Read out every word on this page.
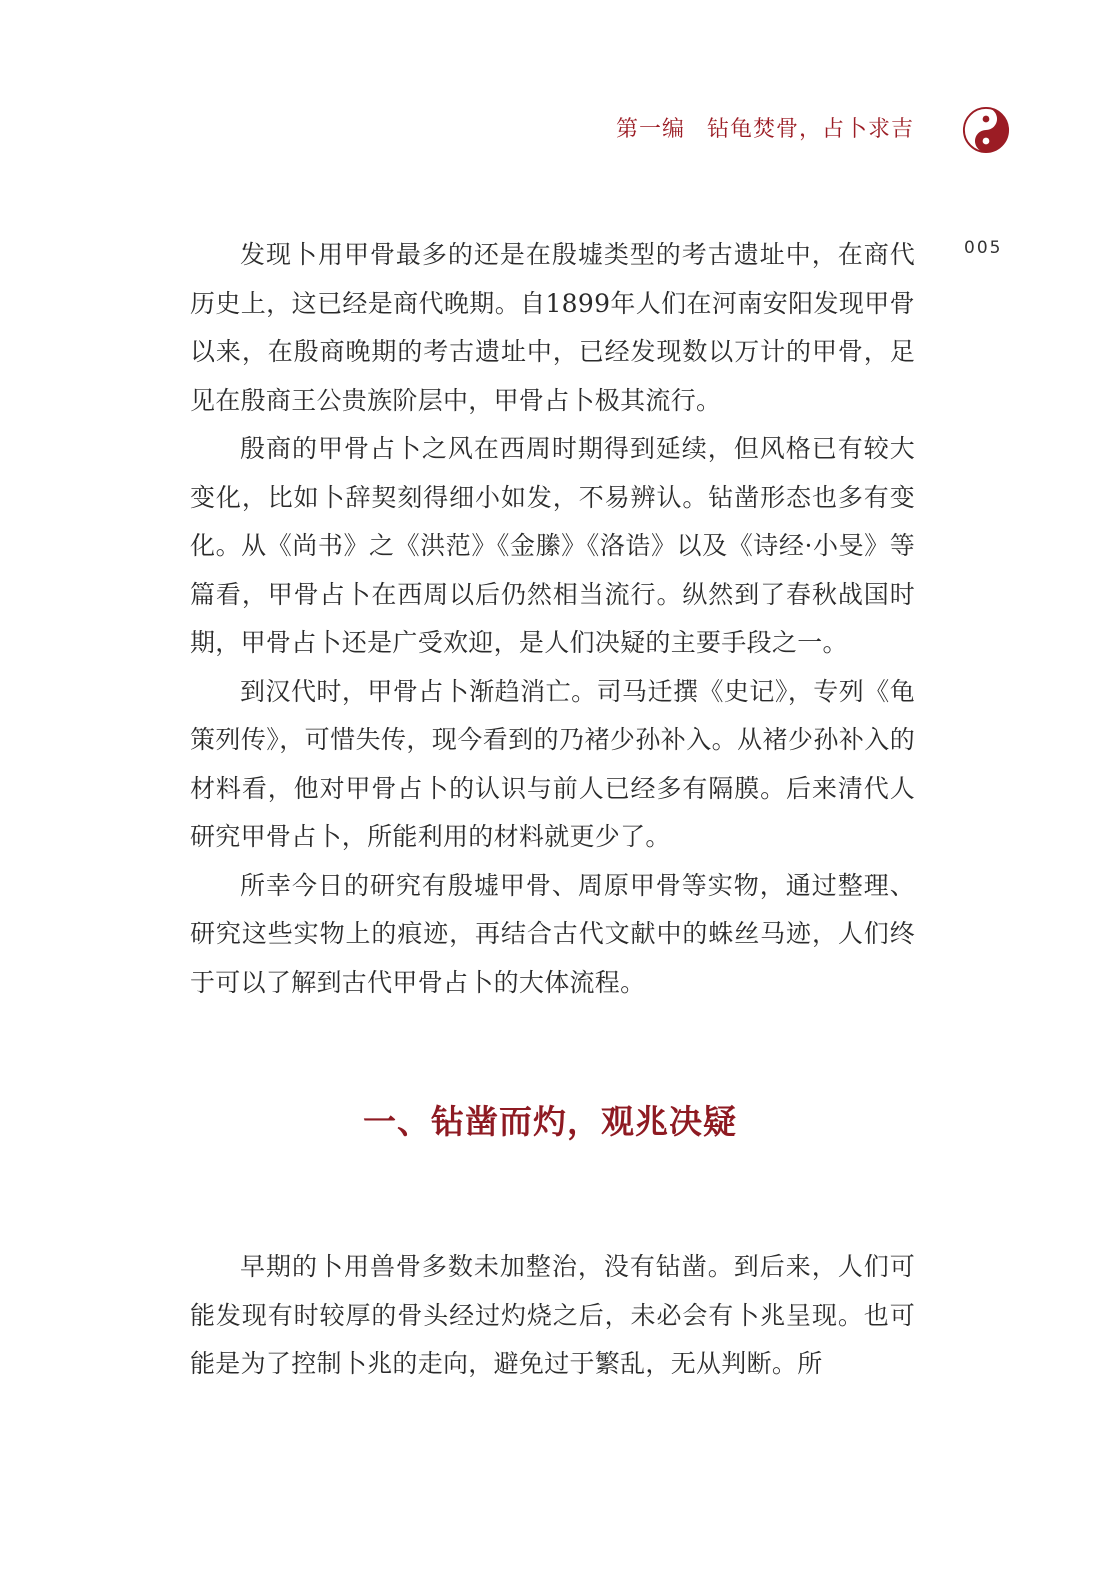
第一编 钻龟焚骨，占卜求吉
005

发现卜用甲骨最多的还是在殷墟类型的考古遗址中，在商代历史上，这已经是商代晚期。自1899年人们在河南安阳发现甲骨以来，在殷商晚期的考古遗址中，已经发现数以万计的甲骨，足见在殷商王公贵族阶层中，甲骨占卜极其流行。

殷商的甲骨占卜之风在西周时期得到延续，但风格已有较大变化，比如卜辞契刻得细小如发，不易辨认。钻凿形态也多有变化。从《尚书》之《洪范》《金縢》《洛诰》以及《诗经·小旻》等篇看，甲骨占卜在西周以后仍然相当流行。纵然到了春秋战国时期，甲骨占卜还是广受欢迎，是人们决疑的主要手段之一。

到汉代时，甲骨占卜渐趋消亡。司马迁撰《史记》，专列《龟策列传》，可惜失传，现今看到的乃褚少孙补入。从褚少孙补入的材料看，他对甲骨占卜的认识与前人已经多有隔膜。后来清代人研究甲骨占卜，所能利用的材料就更少了。

所幸今日的研究有殷墟甲骨、周原甲骨等实物，通过整理、研究这些实物上的痕迹，再结合古代文献中的蛛丝马迹，人们终于可以了解到古代甲骨占卜的大体流程。

一、钻凿而灼，观兆决疑

早期的卜用兽骨多数未加整治，没有钻凿。到后来，人们可能发现有时较厚的骨头经过灼烧之后，未必会有卜兆呈现。也可能是为了控制卜兆的走向，避免过于繁乱，无从判断。所
